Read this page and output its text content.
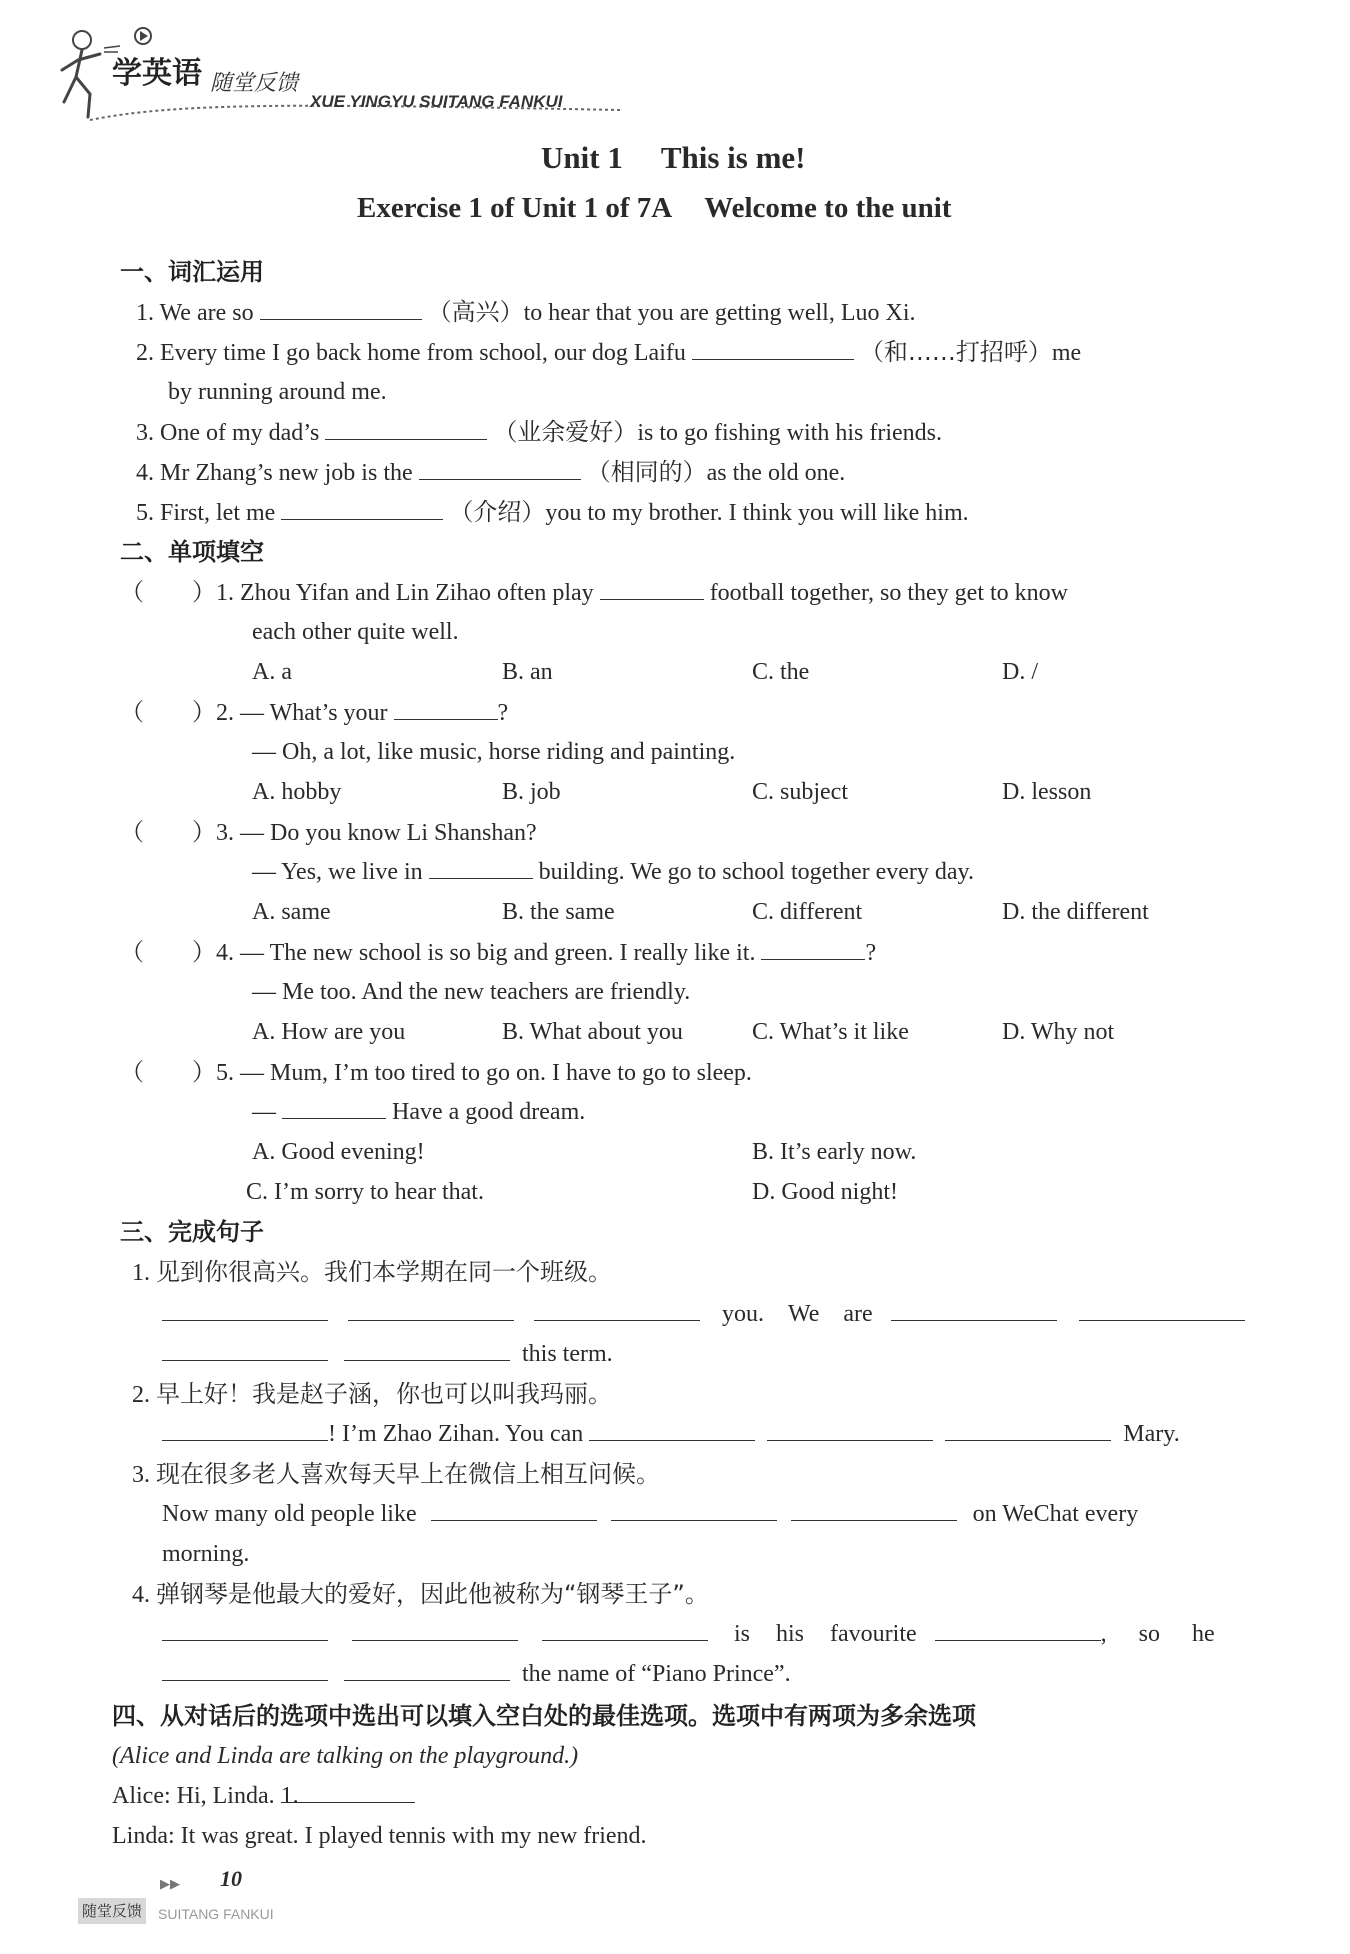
学英语 随堂反馈
XUE YINGYU SUITANG FANKUI
Unit 1 This is me!
Exercise 1 of Unit 1 of 7A Welcome to the unit
一、词汇运用
1. We are so	（高兴）to hear that you are getting well, Luo Xi.
2. Every time I go back home from school, our dog Laifu	（和……打招呼）me
by running around me.
3. One of my dad’s	（业余爱好）is to go fishing with his friends.
4. Mr Zhang’s new job is the	（相同的）as the old one.
5. First, let me	（介绍）you to my brother. I think you will like him.
二、单项填空
（　　）1. Zhou Yifan and Lin Zihao often play	football together, so they get to know
each other quite well.
A. a	B. an	C. the	D. /
（　　）2. — What’s your	?
— Oh, a lot, like music, horse riding and painting.
A. hobby	B. job	C. subject	D. lesson
（　　）3. — Do you know Li Shanshan?
— Yes, we live in	building. We go to school together every day.
A. same	B. the same	C. different	D. the different
（　　）4. — The new school is so big and green. I really like it.	?
— Me too. And the new teachers are friendly.
A. How are you	B. What about you	C. What’s it like	D. Why not
（　　）5. — Mum, I’m too tired to go on. I have to go to sleep.
—	Have a good dream.
A. Good evening!	B. It’s early now.
C. I’m sorry to hear that.	D. Good night!
三、完成句子
1. 见到你很高兴。我们本学期在同一个班级。
you. We are
this term.
2. 早上好！我是赵子涵，你也可以叫我玛丽。
! I’m Zhao Zihan. You can	Mary.
3. 现在很多老人喜欢每天早上在微信上相互问候。
Now many old people like	on WeChat every
morning.
4. 弹钢琴是他最大的爱好，因此他被称为“钢琴王子”。
is his favourite	, so he
the name of “Piano Prince”.
四、从对话后的选项中选出可以填入空白处的最佳选项。选项中有两项为多余选项
(Alice and Linda are talking on the playground.)
Alice: Hi, Linda. 1.
Linda: It was great. I played tennis with my new friend.
▶▶ 10
随堂反馈 SUITANG FANKUI
